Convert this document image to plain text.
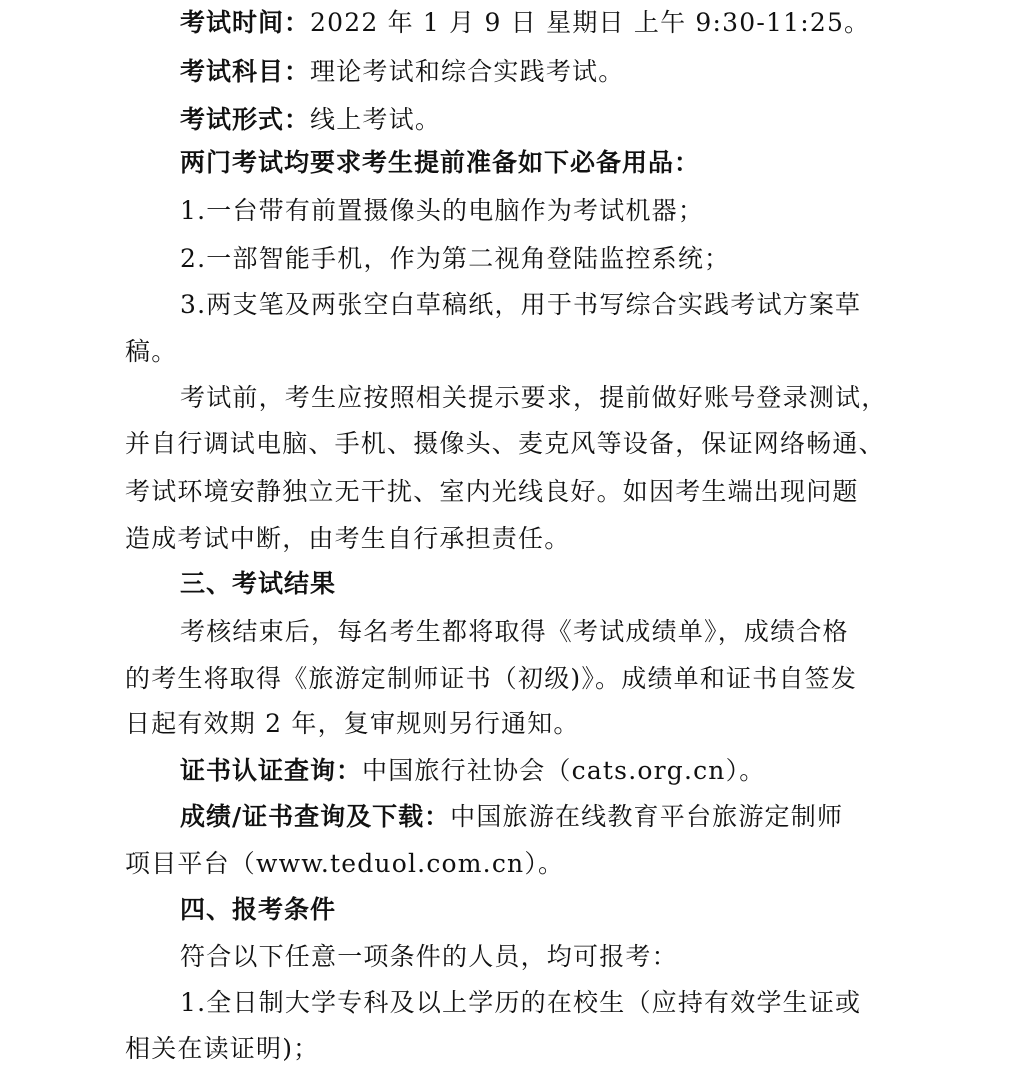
考试时间：2022 年 1 月 9 日 星期日 上午 9:30-11:25。
考试科目：理论考试和综合实践考试。
考试形式：线上考试。
两门考试均要求考生提前准备如下必备用品：
1.一台带有前置摄像头的电脑作为考试机器；
2.一部智能手机，作为第二视角登陆监控系统；
3.两支笔及两张空白草稿纸，用于书写综合实践考试方案草
稿。
考试前，考生应按照相关提示要求，提前做好账号登录测试，
并自行调试电脑、手机、摄像头、麦克风等设备，保证网络畅通、
考试环境安静独立无干扰、室内光线良好。如因考生端出现问题
造成考试中断，由考生自行承担责任。
三、考试结果
考核结束后，每名考生都将取得《考试成绩单》，成绩合格
的考生将取得《旅游定制师证书（初级)》。成绩单和证书自签发
日起有效期 2 年，复审规则另行通知。
证书认证查询：中国旅行社协会（cats.org.cn）。
成绩/证书查询及下载：中国旅游在线教育平台旅游定制师
项目平台（www.teduol.com.cn）。
四、报考条件
符合以下任意一项条件的人员，均可报考：
1.全日制大学专科及以上学历的在校生（应持有效学生证或
相关在读证明)；
